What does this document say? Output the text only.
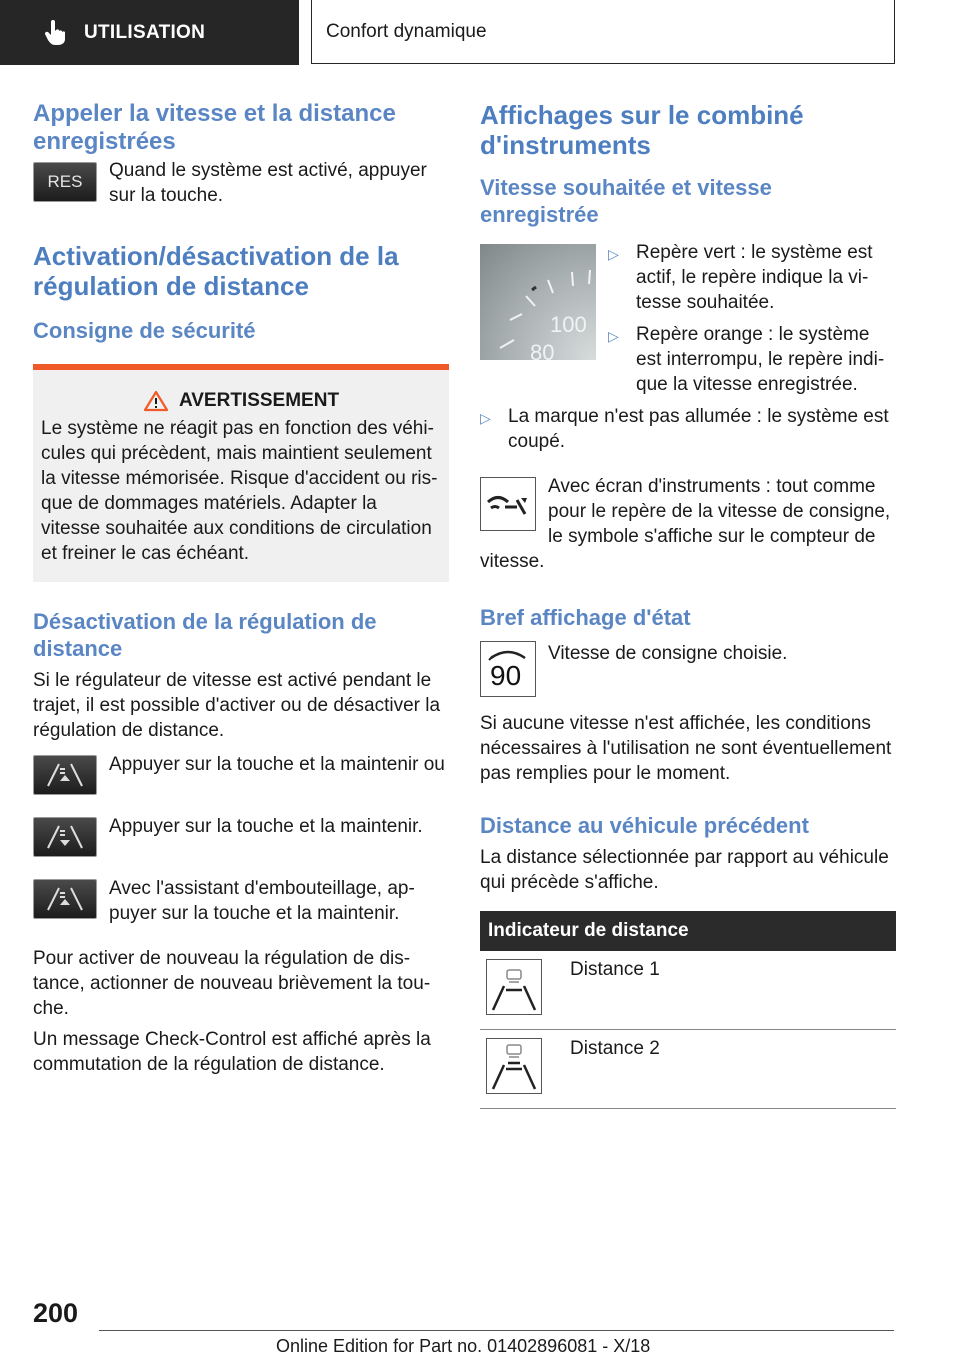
UTILISATION	Confort dynamique
Appeler la vitesse et la distance enregistrées
RES

Quand le système est activé, appuyer sur la touche.

Activation/désactivation de la régulation de distance
Consigne de sécurité
AVERTISSEMENT

Le système ne réagit pas en fonction des véhicules qui précèdent, mais maintient seulement la vitesse mémorisée. Risque d'accident ou risque de dommages matériels. Adapter la vitesse souhaitée aux conditions de circulation et freiner le cas échéant.

Désactivation de la régulation de distance

Si le régulateur de vitesse est activé pendant le trajet, il est possible d'activer ou de désactiver la régulation de distance.

Appuyer sur la touche et la maintenir ou

Appuyer sur la touche et la maintenir.

Avec l'assistant d'embouteillage, appuyer sur la touche et la maintenir.

Pour activer de nouveau la régulation de distance, actionner de nouveau brièvement la touche.

Un message Check-Control est affiché après la commutation de la régulation de distance.

Affichages sur le combiné d'instruments
Vitesse souhaitée et vitesse enregistrée
100
80
▷ Repère vert : le système est actif, le repère indique la vitesse souhaitée.
▷ Repère orange : le système est interrompu, le repère indique la vitesse enregistrée.
▷ La marque n'est pas allumée : le système est coupé.

Avec écran d'instruments : tout comme pour le repère de la vitesse de consigne, le symbole s'affiche sur le compteur de vitesse.

Bref affichage d'état
90

Vitesse de consigne choisie.

Si aucune vitesse n'est affichée, les conditions nécessaires à l'utilisation ne sont éventuellement pas remplies pour le moment.

Distance au véhicule précédent

La distance sélectionnée par rapport au véhicule qui précède s'affiche.

Indicateur de distance	
	Distance 1
	Distance 2
200
Online Edition for Part no. 01402896081 - X/18
